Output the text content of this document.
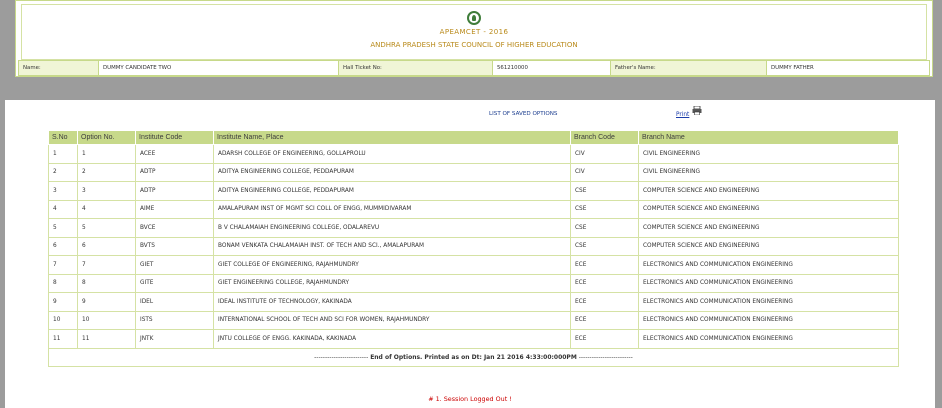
APEAMCET - 2016
ANDHRA PRADESH STATE COUNCIL OF HIGHER EDUCATION
Name:	DUMMY CANDIDATE TWO	Hall Ticket No:	561210000	Father's Name:	DUMMY FATHER
LIST OF SAVED OPTIONS	Print
S.No	Option No.	Institute Code	Institute Name, Place	Branch Code	Branch Name
1	1	ACEE	ADARSH COLLEGE OF ENGINEERING, GOLLAPROLU	CIV	CIVIL ENGINEERING
2	2	ADTP	ADITYA ENGINEERING COLLEGE, PEDDAPURAM	CIV	CIVIL ENGINEERING
3	3	ADTP	ADITYA ENGINEERING COLLEGE, PEDDAPURAM	CSE	COMPUTER SCIENCE AND ENGINEERING
4	4	AIME	AMALAPURAM INST OF MGMT SCI COLL OF ENGG, MUMMIDIVARAM	CSE	COMPUTER SCIENCE AND ENGINEERING
5	5	BVCE	B V CHALAMAIAH ENGINEERING COLLEGE, ODALAREVU	CSE	COMPUTER SCIENCE AND ENGINEERING
6	6	BVTS	BONAM VENKATA CHALAMAIAH INST. OF TECH AND SCI., AMALAPURAM	CSE	COMPUTER SCIENCE AND ENGINEERING
7	7	GIET	GIET COLLEGE OF ENGINEERING, RAJAHMUNDRY	ECE	ELECTRONICS AND COMMUNICATION ENGINEERING
8	8	GITE	GIET ENGINEERING COLLEGE, RAJAHMUNDRY	ECE	ELECTRONICS AND COMMUNICATION ENGINEERING
9	9	IDEL	IDEAL INSTITUTE OF TECHNOLOGY, KAKINADA	ECE	ELECTRONICS AND COMMUNICATION ENGINEERING
10	10	ISTS	INTERNATIONAL SCHOOL OF TECH AND SCI FOR WOMEN, RAJAHMUNDRY	ECE	ELECTRONICS AND COMMUNICATION ENGINEERING
11	11	JNTK	JNTU COLLEGE OF ENGG. KAKINADA, KAKINADA	ECE	ELECTRONICS AND COMMUNICATION ENGINEERING
------------------------- End of Options. Printed as on Dt: Jan 21 2016 4:33:00:000PM -------------------------					
# 1. Session Logged Out !
